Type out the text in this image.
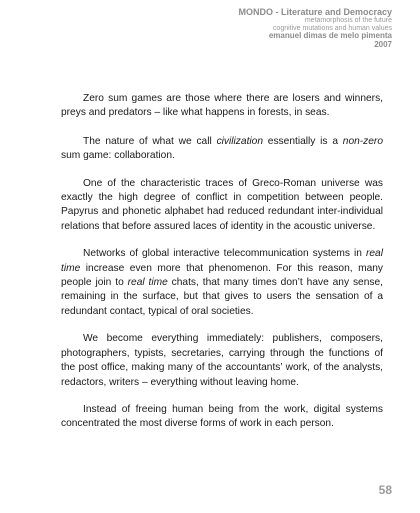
MONDO - Literature and Democracy
metamorphosis of the future
cognitive mutations and human values
emanuel dimas de melo pimenta
2007

Zero sum games are those where there are losers and winners, preys and predators – like what happens in forests, in seas.

The nature of what we call civilization essentially is a non-zero sum game: collaboration.

One of the characteristic traces of Greco-Roman universe was exactly the high degree of conflict in competition between people. Papyrus and phonetic alphabet had reduced redundant inter-individual relations that before assured laces of identity in the acoustic universe.

Networks of global interactive telecommunication systems in real time increase even more that phenomenon. For this reason, many people join to real time chats, that many times don’t have any sense, remaining in the surface, but that gives to users the sensation of a redundant contact, typical of oral societies.

We become everything immediately: publishers, composers, photographers, typists, secretaries, carrying through the functions of the post office, making many of the accountants’ work, of the analysts, redactors, writers – everything without leaving home.

Instead of freeing human being from the work, digital systems concentrated the most diverse forms of work in each person.

58
